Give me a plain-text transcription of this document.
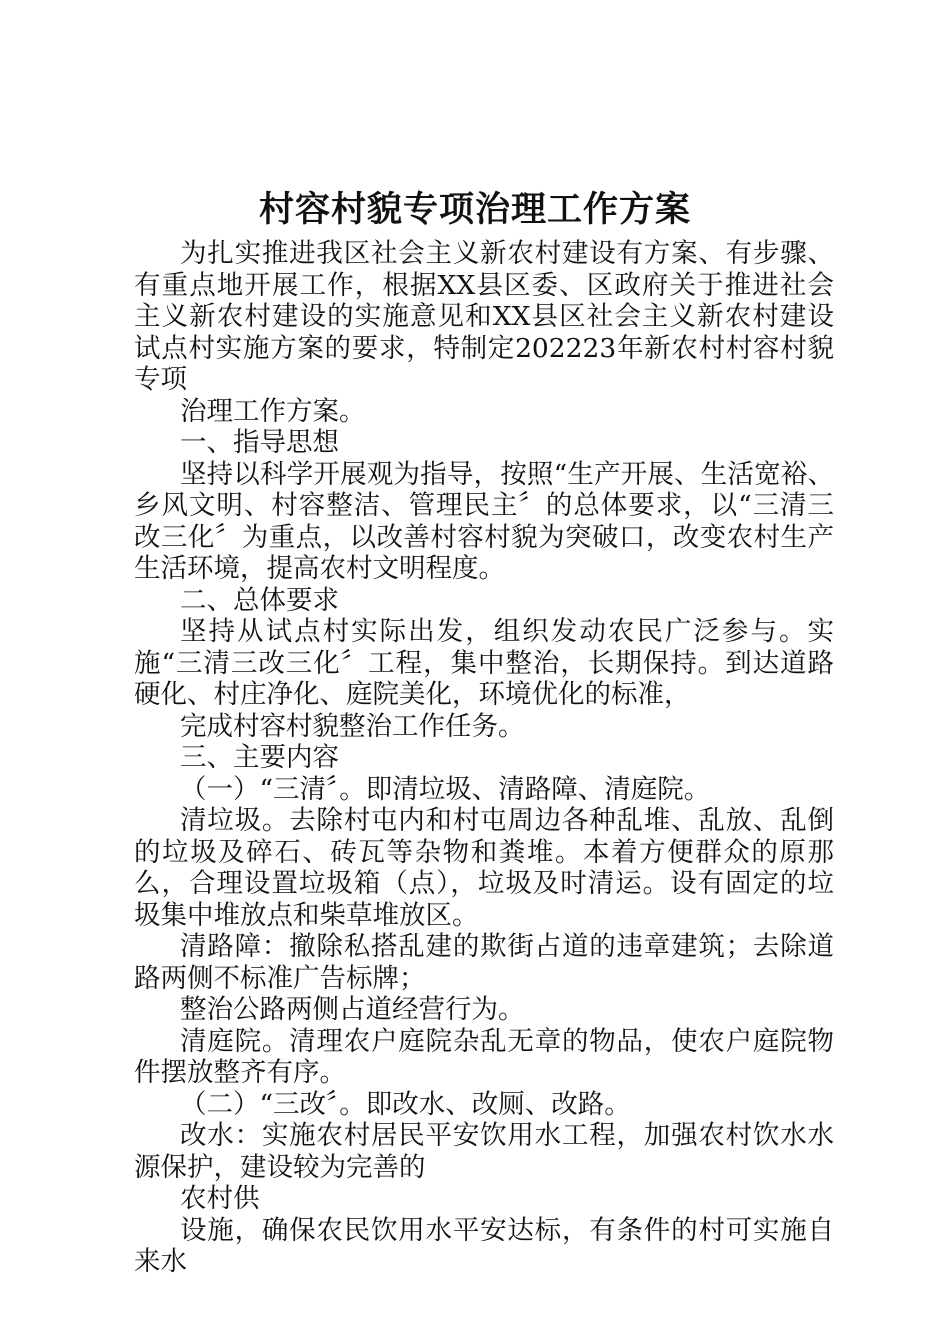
村容村貌专项治理工作方案

为扎实推进我区社会主义新农村建设有方案、有步骤、有重点地开展工作，根据XX县区委、区政府关于推进社会主义新农村建设的实施意见和XX县区社会主义新农村建设试点村实施方案的要求，特制定202223年新农村村容村貌专项

治理工作方案。

一、指导思想

坚持以科学开展观为指导，按照“生产开展、生活宽裕、乡风文明、村容整洁、管理民主〞的总体要求，以“三清三改三化〞为重点，以改善村容村貌为突破口，改变农村生产生活环境，提高农村文明程度。

二、总体要求

坚持从试点村实际出发，组织发动农民广泛参与。实施“三清三改三化〞工程，集中整治，长期保持。到达道路硬化、村庄净化、庭院美化，环境优化的标准，

完成村容村貌整治工作任务。

三、主要内容

（一）“三清〞。即清垃圾、清路障、清庭院。

清垃圾。去除村屯内和村屯周边各种乱堆、乱放、乱倒的垃圾及碎石、砖瓦等杂物和粪堆。本着方便群众的原那么，合理设置垃圾箱（点），垃圾及时清运。设有固定的垃圾集中堆放点和柴草堆放区。

清路障：撤除私搭乱建的欺街占道的违章建筑；去除道路两侧不标准广告标牌；

整治公路两侧占道经营行为。

清庭院。清理农户庭院杂乱无章的物品，使农户庭院物件摆放整齐有序。

（二）“三改〞。即改水、改厕、改路。

改水：实施农村居民平安饮用水工程，加强农村饮水水源保护，建设较为完善的

农村供

设施，确保农民饮用水平安达标，有条件的村可实施自来水
